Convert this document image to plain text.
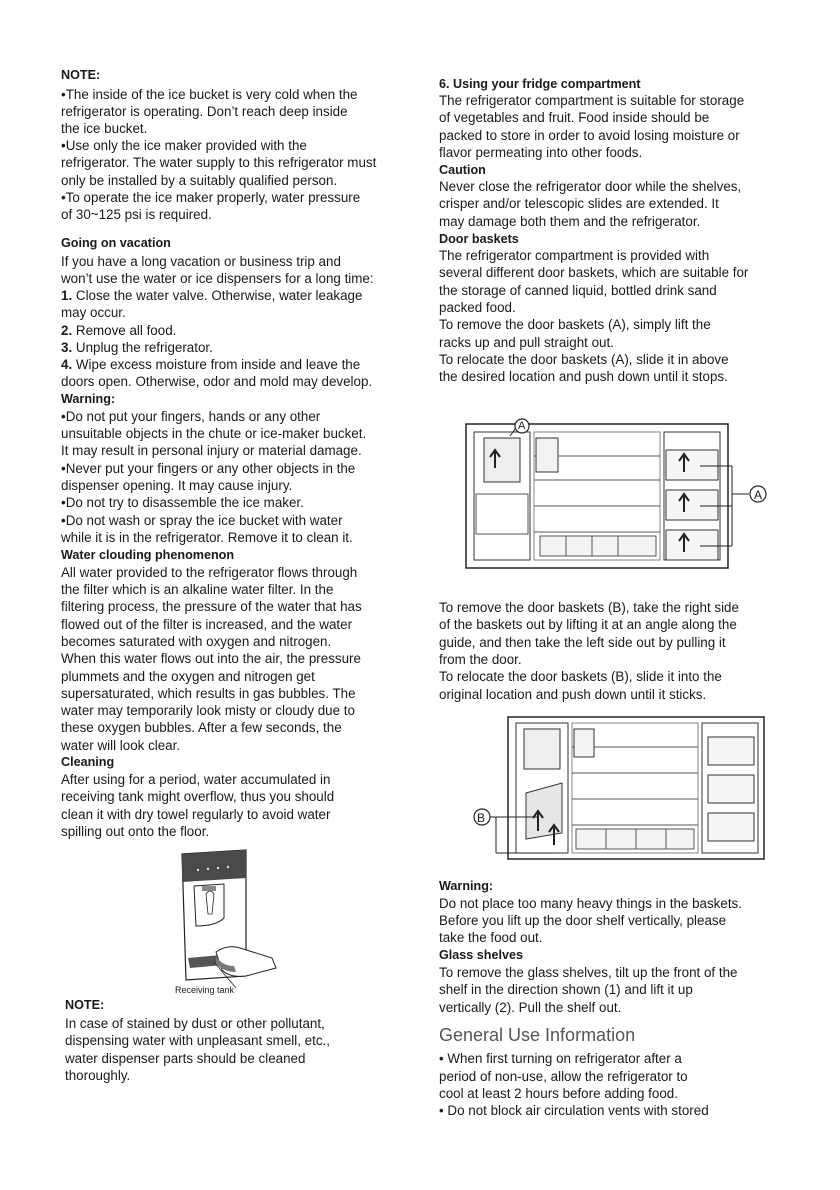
NOTE:
•The inside of the ice bucket is very cold when the
refrigerator is operating. Don’t reach deep inside
the ice bucket.
•Use only the ice maker provided with the
refrigerator. The water supply to this refrigerator must
only be installed by a suitably qualified person.
•To operate the ice maker properly, water pressure
of 30~125 psi is required.
Going on vacation
If you have a long vacation or business trip and
won’t use the water or ice dispensers for a long time:
1. Close the water valve. Otherwise, water leakage
may occur.
2. Remove all food.
3. Unplug the refrigerator.
4. Wipe excess moisture from inside and leave the
doors open. Otherwise, odor and mold may develop.
Warning:
•Do not put your fingers, hands or any other
unsuitable objects in the chute or ice-maker bucket.
It may result in personal injury or material damage.
•Never put your fingers or any other objects in the
dispenser opening. It may cause injury.
•Do not try to disassemble the ice maker.
•Do not wash or spray the ice bucket with water
while it is in the refrigerator. Remove it to clean it.
Water clouding phenomenon
All water provided to the refrigerator flows through
the filter which is an alkaline water filter. In the
filtering process, the pressure of the water that has
flowed out of the filter is increased, and the water
becomes saturated with oxygen and nitrogen.
When this water flows out into the air, the pressure
plummets and the oxygen and nitrogen get
supersaturated, which results in gas bubbles. The
water may temporarily look misty or cloudy due to
these oxygen bubbles. After a few seconds, the
water will look clear.
Cleaning
After using for a period, water accumulated in
receiving tank might overflow, thus you should
clean it with dry towel regularly to avoid water
spilling out onto the floor.
Receiving tank
NOTE:
In case of stained by dust or other pollutant,
dispensing water with unpleasant smell, etc.,
water dispenser parts should be cleaned
thoroughly.
6. Using your fridge compartment
The refrigerator compartment is suitable for storage
of vegetables and fruit. Food inside should be
packed to store in order to avoid losing moisture or
flavor permeating into other foods.
Caution
Never close the refrigerator door while the shelves,
crisper and/or telescopic slides are extended. It
may damage both them and the refrigerator.
Door baskets
The refrigerator compartment is provided with
several different door baskets, which are suitable for
the storage of canned liquid, bottled drink sand
packed food.
To remove the door baskets (A), simply lift the
racks up and pull straight out.
To relocate the door baskets (A), slide it in above
the desired location and push down until it stops.
A
A
To remove the door baskets (B), take the right side
of the baskets out by lifting it at an angle along the
guide, and then take the left side out by pulling it
from the door.
To relocate the door baskets (B), slide it into the
original location and push down until it sticks.
B
Warning:
Do not place too many heavy things in the baskets.
Before you lift up the door shelf vertically, please
take the food out.
Glass shelves
To remove the glass shelves, tilt up the front of the
shelf in the direction shown (1) and lift it up
vertically (2). Pull the shelf out.
General Use Information
• When first turning on refrigerator after a
period of non-use, allow the refrigerator to
cool at least 2 hours before adding food.
• Do not block air circulation vents with stored
